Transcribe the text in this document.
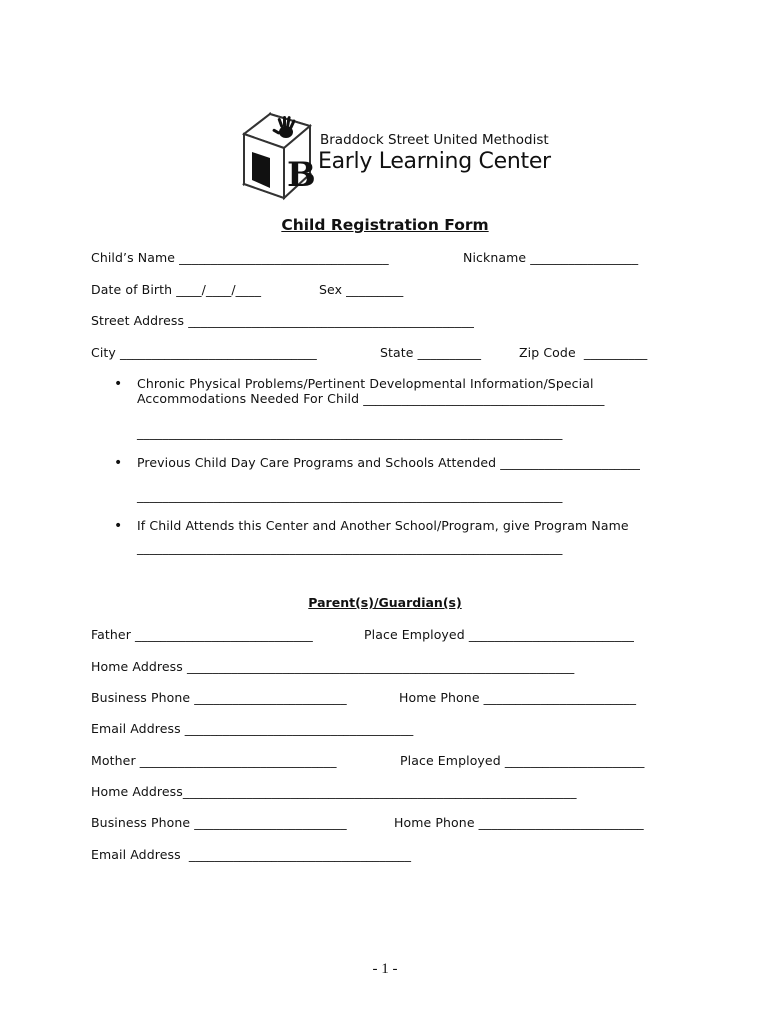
B
Braddock Street United Methodist
Early Learning Center
Child Registration Form
Child’s Name _________________________________	Nickname _________________
Date of Birth ____/____/____	Sex _________
Street Address _____________________________________________
City _______________________________	State __________	Zip Code  __________
• Chronic Physical Problems/Pertinent Developmental Information/Special
Accommodations Needed For Child ______________________________________
___________________________________________________________________
• Previous Child Day Care Programs and Schools Attended ______________________
___________________________________________________________________
• If Child Attends this Center and Another School/Program, give Program Name
___________________________________________________________________
Parent(s)/Guardian(s)
Father ____________________________	Place Employed __________________________
Home Address _____________________________________________________________
Business Phone ________________________	Home Phone ________________________
Email Address ____________________________________
Mother _______________________________	Place Employed ______________________
Home Address______________________________________________________________
Business Phone ________________________	Home Phone __________________________
Email Address  ___________________________________
- 1 -
